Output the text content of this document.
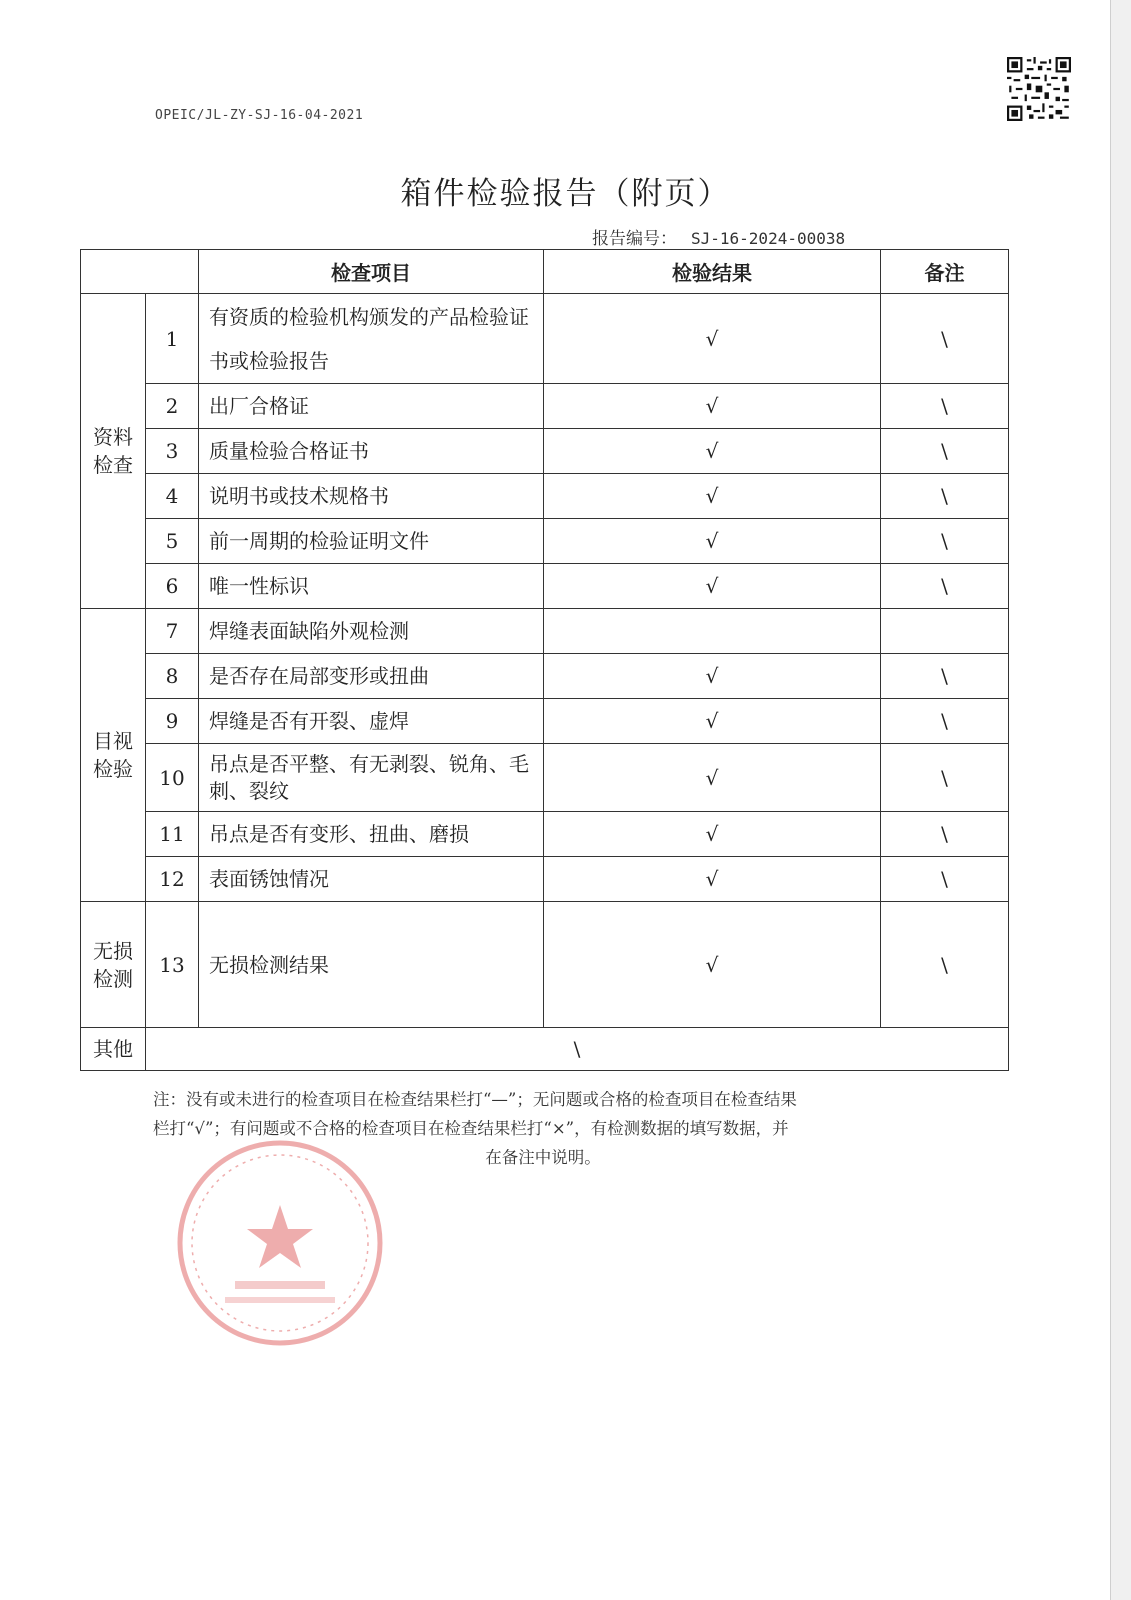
OPEIC/JL-ZY-SJ-16-04-2021
箱件检验报告（附页）
报告编号： SJ-16-2024-00038
		检查项目	检验结果	备注
资料
检查	1	有资质的检验机构颁发的产品检验证书或检验报告	√	\
	2	出厂合格证	√	\
	3	质量检验合格证书	√	\
	4	说明书或技术规格书	√	\
	5	前一周期的检验证明文件	√	\
	6	唯一性标识	√	\
目视
检验	7	焊缝表面缺陷外观检测		
	8	是否存在局部变形或扭曲	√	\
	9	焊缝是否有开裂、虚焊	√	\
	10	吊点是否平整、有无剥裂、锐角、毛刺、裂纹	√	\
	11	吊点是否有变形、扭曲、磨损	√	\
	12	表面锈蚀情况	√	\
无损
检测	13	无损检测结果	√	\
其他	\			
注：没有或未进行的检查项目在检查结果栏打“—”；无问题或合格的检查项目在检查结果
栏打“√”；有问题或不合格的检查项目在检查结果栏打“×”，有检测数据的填写数据，并

在备注中说明。
